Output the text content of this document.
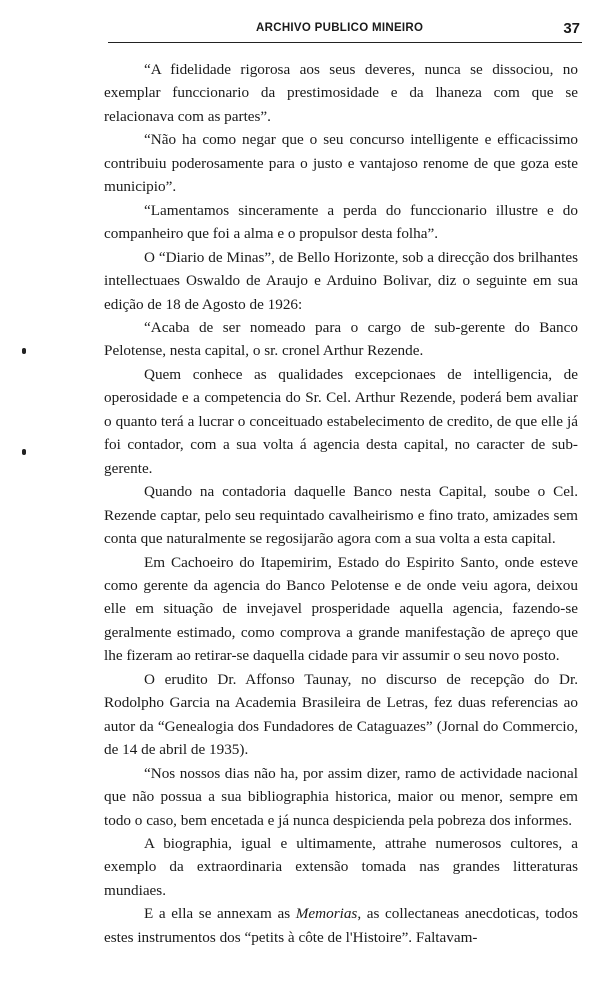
ARCHIVO PUBLICO MINEIRO	37

“A fidelidade rigorosa aos seus deveres, nunca se dissociou, no exemplar funccionario da prestimosidade e da lhaneza com que se relacionava com as partes”.

“Não ha como negar que o seu concurso intelligente e efficacissimo contribuiu poderosamente para o justo e vantajoso renome de que goza este municipio”.

“Lamentamos sinceramente a perda do funccionario illustre e do companheiro que foi a alma e o propulsor desta folha”.

O “Diario de Minas”, de Bello Horizonte, sob a direcção dos brilhantes intellectuaes Oswaldo de Araujo e Arduino Bolivar, diz o seguinte em sua edição de 18 de Agosto de 1926:

“Acaba de ser nomeado para o cargo de sub-gerente do Banco Pelotense, nesta capital, o sr. cronel Arthur Rezende.

Quem conhece as qualidades excepcionaes de intelligencia, de operosidade e a competencia do Sr. Cel. Arthur Rezende, poderá bem avaliar o quanto terá a lucrar o conceituado estabelecimento de credito, de que elle já foi contador, com a sua volta á agencia desta capital, no caracter de sub-gerente.

Quando na contadoria daquelle Banco nesta Capital, soube o Cel. Rezende captar, pelo seu requintado cavalheirismo e fino trato, amizades sem conta que naturalmente se regosijarão agora com a sua volta a esta capital.

Em Cachoeiro do Itapemirim, Estado do Espirito Santo, onde esteve como gerente da agencia do Banco Pelotense e de onde veiu agora, deixou elle em situação de invejavel prosperidade aquella agencia, fazendo-se geralmente estimado, como comprova a grande manifestação de apreço que lhe fizeram ao retirar-se daquella cidade para vir assumir o seu novo posto.

O erudito Dr. Affonso Taunay, no discurso de recepção do Dr. Rodolpho Garcia na Academia Brasileira de Letras, fez duas referencias ao autor da “Genealogia dos Fundadores de Cataguazes” (Jornal do Commercio, de 14 de abril de 1935).

“Nos nossos dias não ha, por assim dizer, ramo de actividade nacional que não possua a sua bibliographia historica, maior ou menor, sempre em todo o caso, bem encetada e já nunca despicienda pela pobreza dos informes.

A biographia, igual e ultimamente, attrahe numerosos cultores, a exemplo da extraordinaria extensão tomada nas grandes litteraturas mundiaes.

E a ella se annexam as Memorias, as collectaneas anecdoticas, todos estes instrumentos dos “petits à côte de l'Histoire”. Faltavam-
